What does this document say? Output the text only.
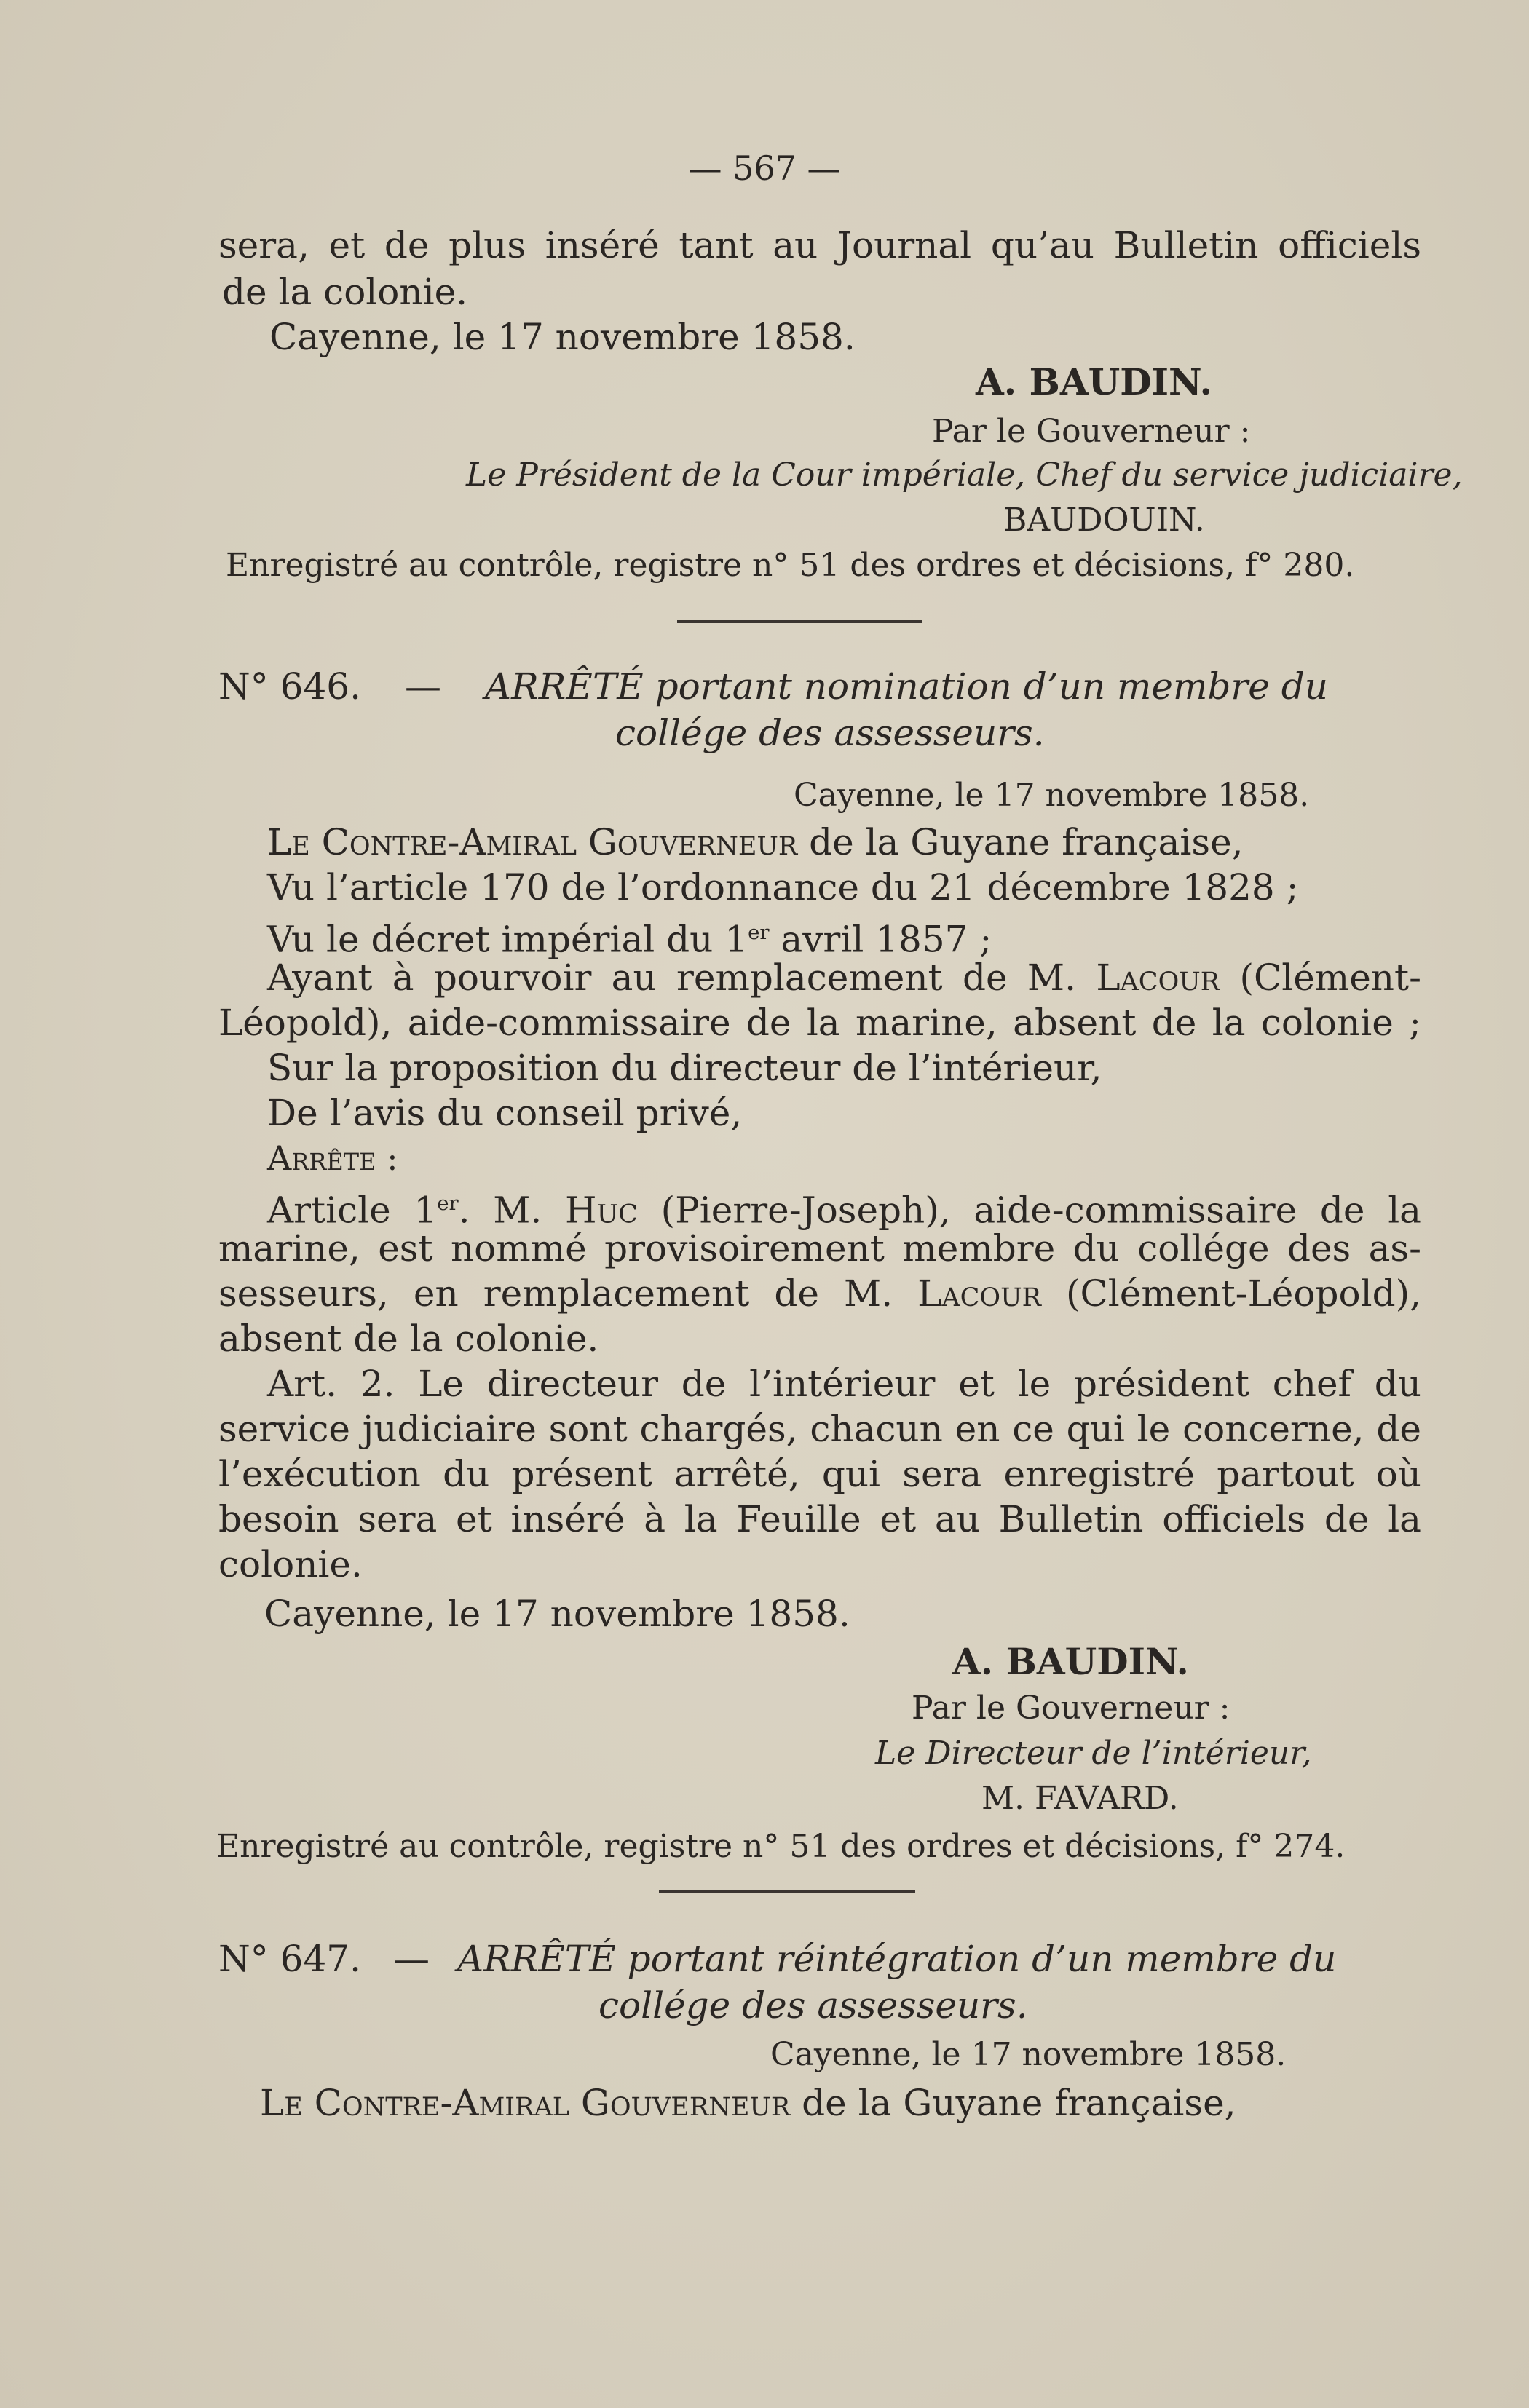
— 567 —
sera, et de plus inséré tant au Journal qu’au Bulletin officiels
de la colonie.
Cayenne, le 17 novembre 1858.
A. BAUDIN.
Par le Gouverneur :
Le Président de la Cour impériale, Chef du service judiciaire,
BAUDOUIN.
Enregistré au contrôle, registre n° 51 des ordres et décisions, f° 280.
N° 646. — ARRÊTÉ portant nomination d’un membre du
collége des assesseurs.
Cayenne, le 17 novembre 1858.
Le Contre-Amiral Gouverneur de la Guyane française,
Vu l’article 170 de l’ordonnance du 21 décembre 1828 ;
Vu le décret impérial du 1er avril 1857 ;
Ayant à pourvoir au remplacement de M. Lacour (Clément-
Léopold), aide-commissaire de la marine, absent de la colonie ;
Sur la proposition du directeur de l’intérieur,
De l’avis du conseil privé,
Arrête :
Article 1er. M. Huc (Pierre-Joseph), aide-commissaire de la
marine, est nommé provisoirement membre du collége des as-
sesseurs, en remplacement de M. Lacour (Clément-Léopold),
absent de la colonie.
Art. 2. Le directeur de l’intérieur et le président chef du
service judiciaire sont chargés, chacun en ce qui le concerne, de
l’exécution du présent arrêté, qui sera enregistré partout où
besoin sera et inséré à la Feuille et au Bulletin officiels de la
colonie.
Cayenne, le 17 novembre 1858.
A. BAUDIN.
Par le Gouverneur :
Le Directeur de l’intérieur,
M. FAVARD.
Enregistré au contrôle, registre n° 51 des ordres et décisions, f° 274.
N° 647. — ARRÊTÉ portant réintégration d’un membre du
collége des assesseurs.
Cayenne, le 17 novembre 1858.
Le Contre-Amiral Gouverneur de la Guyane française,
